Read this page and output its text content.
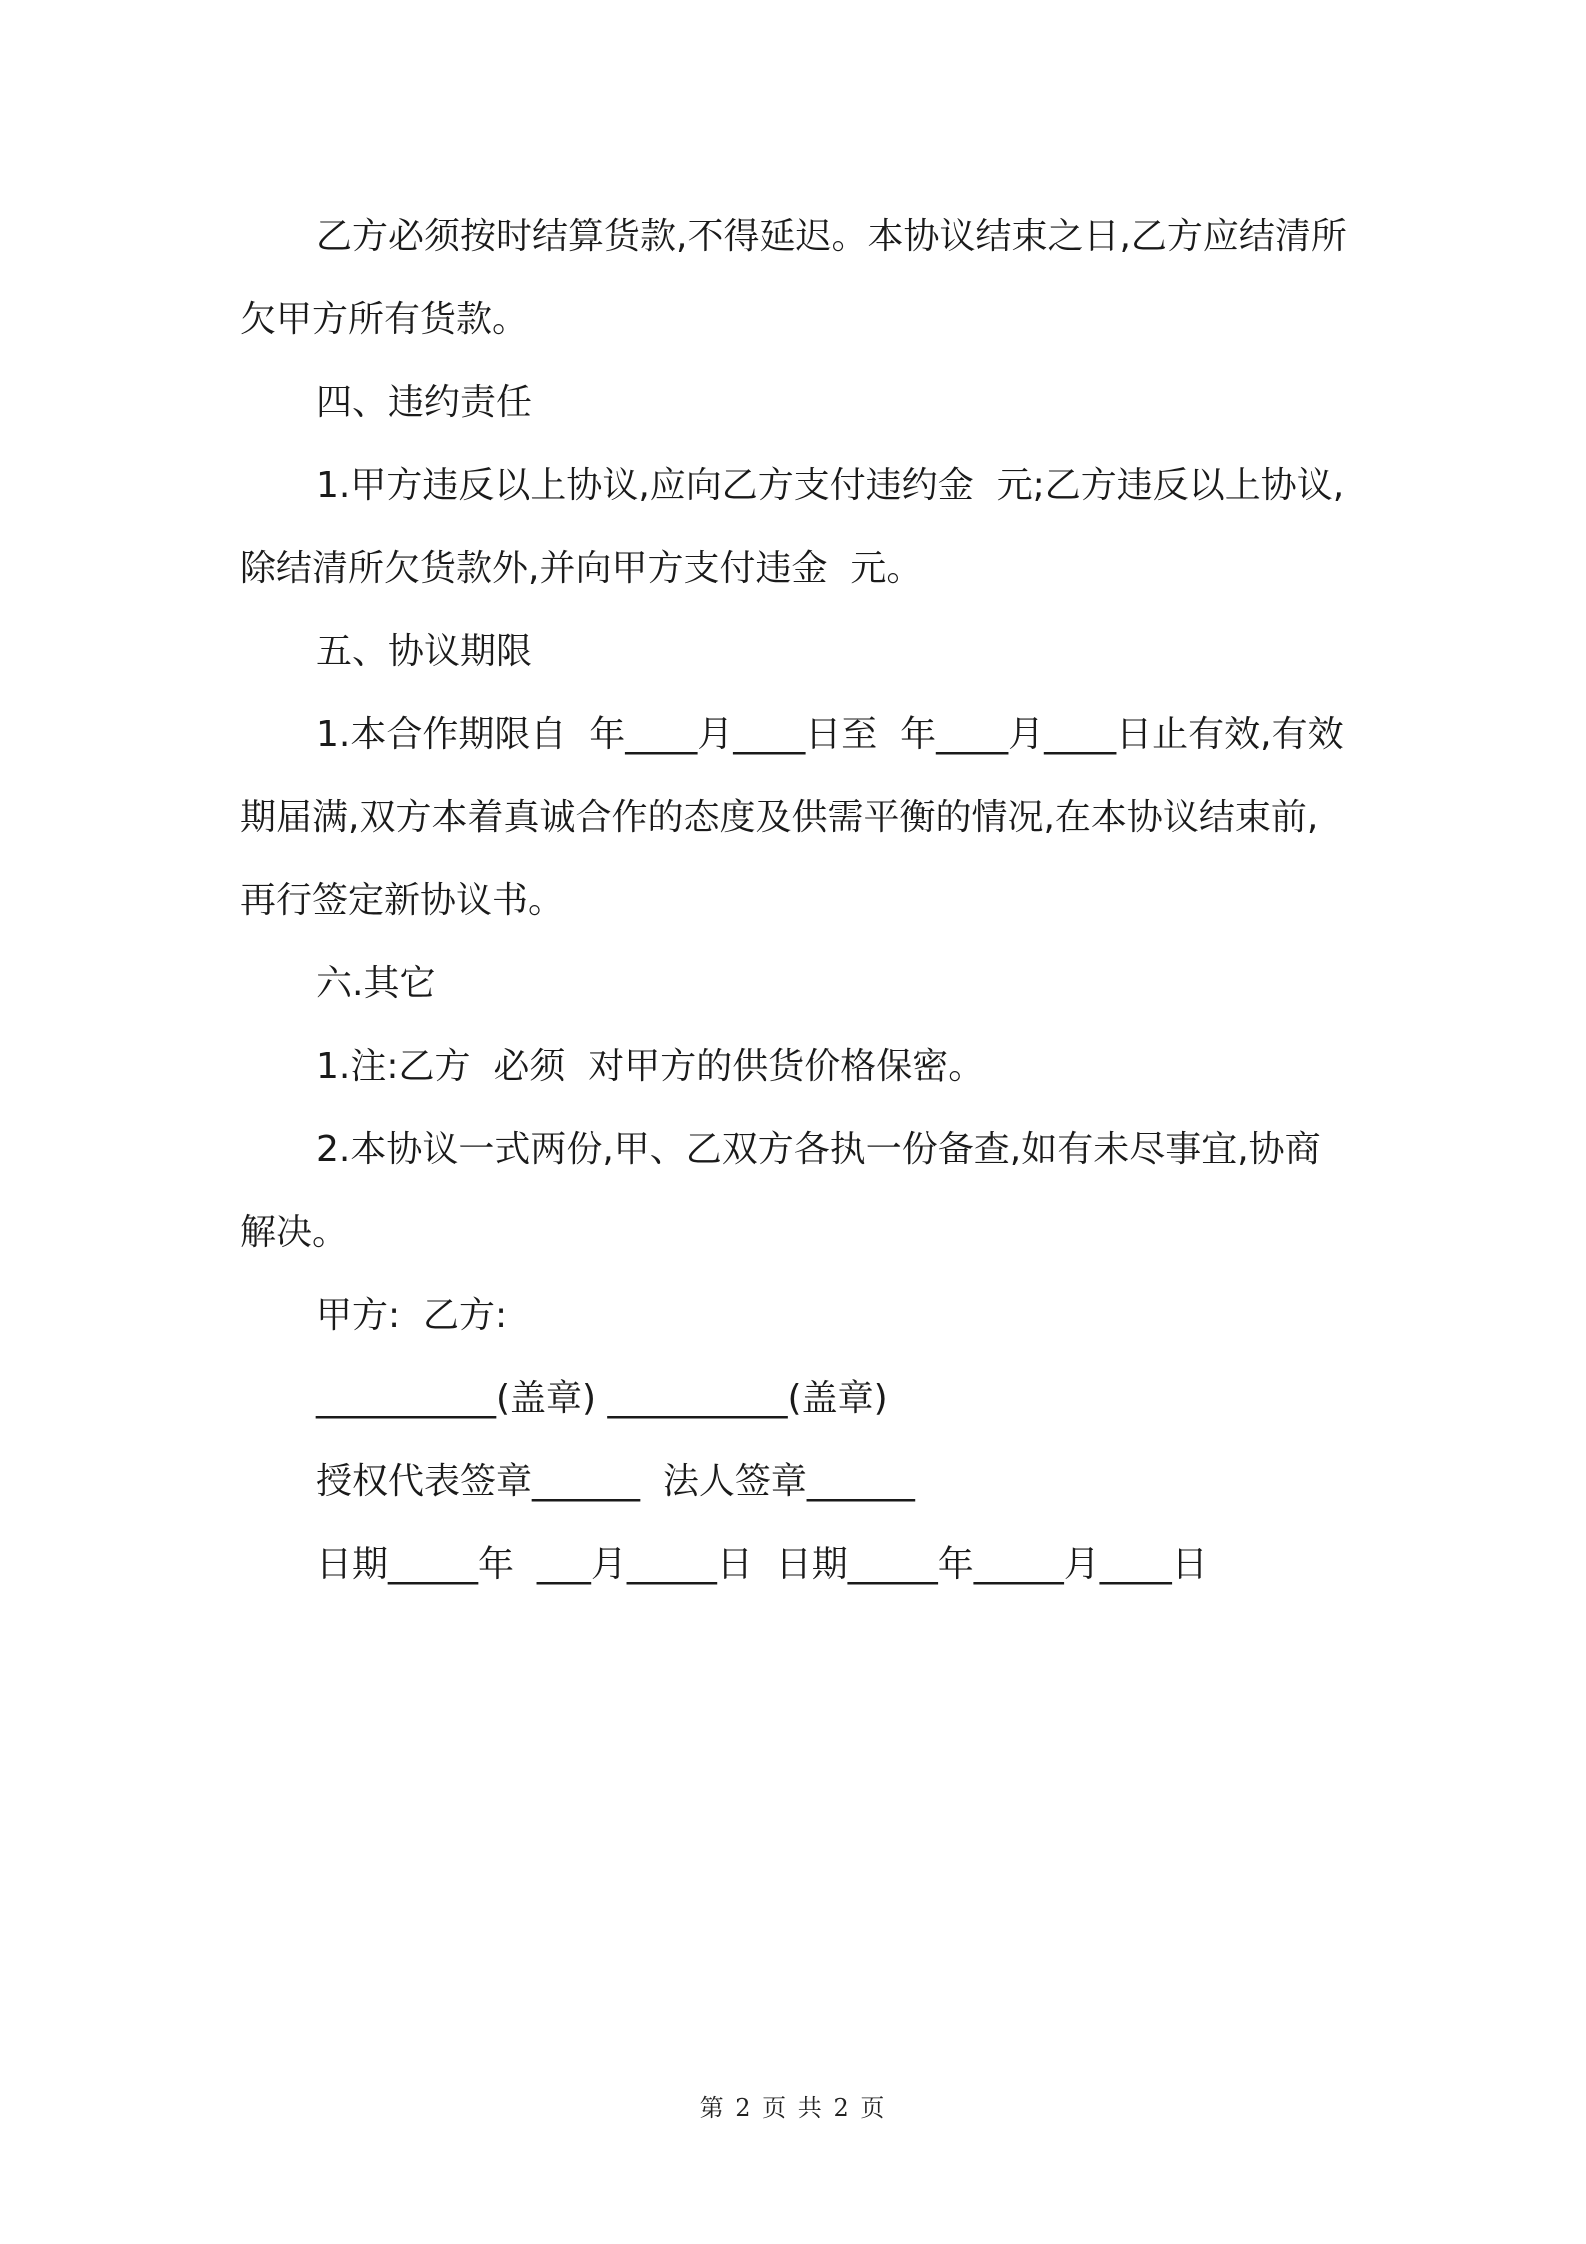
乙方必须按时结算货款,不得延迟。本协议结束之日,乙方应结清所欠甲方所有货款。

四、违约责任

1.甲方违反以上协议,应向乙方支付违约金  元;乙方违反以上协议,除结清所欠货款外,并向甲方支付违金  元。

五、协议期限

1.本合作期限自  年____月____日至  年____月____日止有效,有效期届满,双方本着真诚合作的态度及供需平衡的情况,在本协议结束前,再行签定新协议书。

六.其它

1.注:乙方  必须  对甲方的供货价格保密。

2.本协议一式两份,甲、乙双方各执一份备查,如有未尽事宜,协商解决。

甲方:  乙方:

__________(盖章) __________(盖章)

授权代表签章______  法人签章______

日期_____年  ___月_____日  日期_____年_____月____日

第 2 页 共 2 页
